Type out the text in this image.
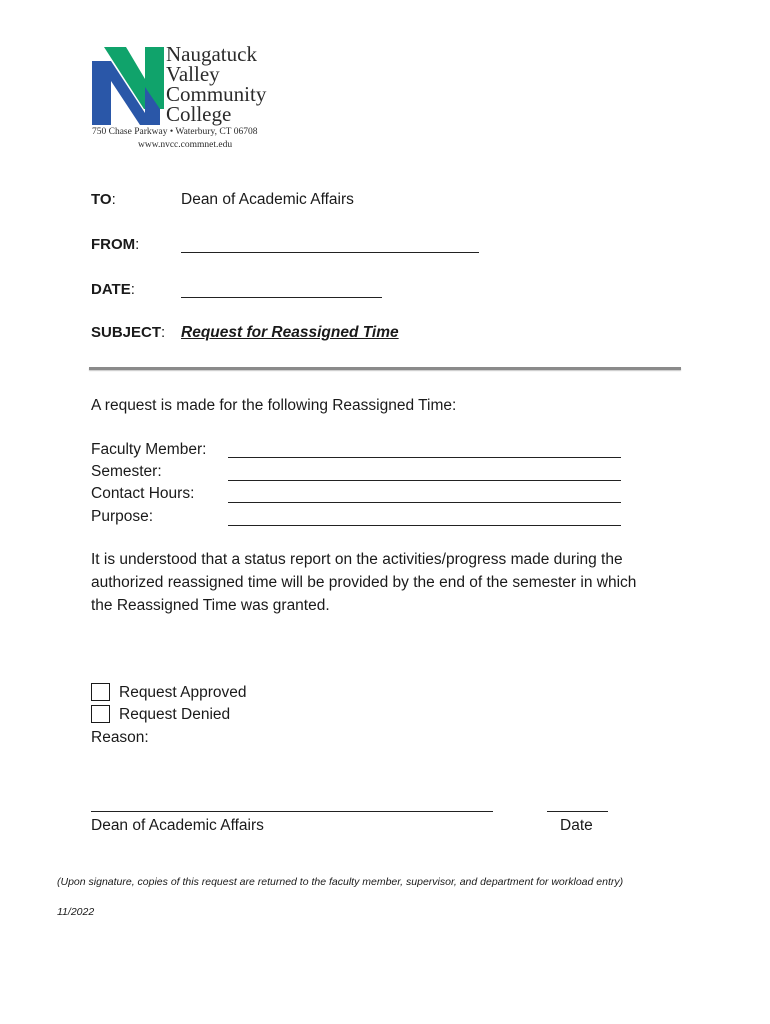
Naugatuck
Valley
Community
College
750 Chase Parkway • Waterbury, CT 06708
www.nvcc.commnet.edu
TO:	Dean of Academic Affairs
FROM:
DATE:
SUBJECT: Request for Reassigned Time
A request is made for the following Reassigned Time:
Faculty Member:
Semester:
Contact Hours:
Purpose:
It is understood that a status report on the activities/progress made during the
authorized reassigned time will be provided by the end of the semester in which
the Reassigned Time was granted.
Request Approved
Request Denied
Reason:
Dean of Academic Affairs	Date
(Upon signature, copies of this request are returned to the faculty member, supervisor, and department for workload entry)
11/2022
